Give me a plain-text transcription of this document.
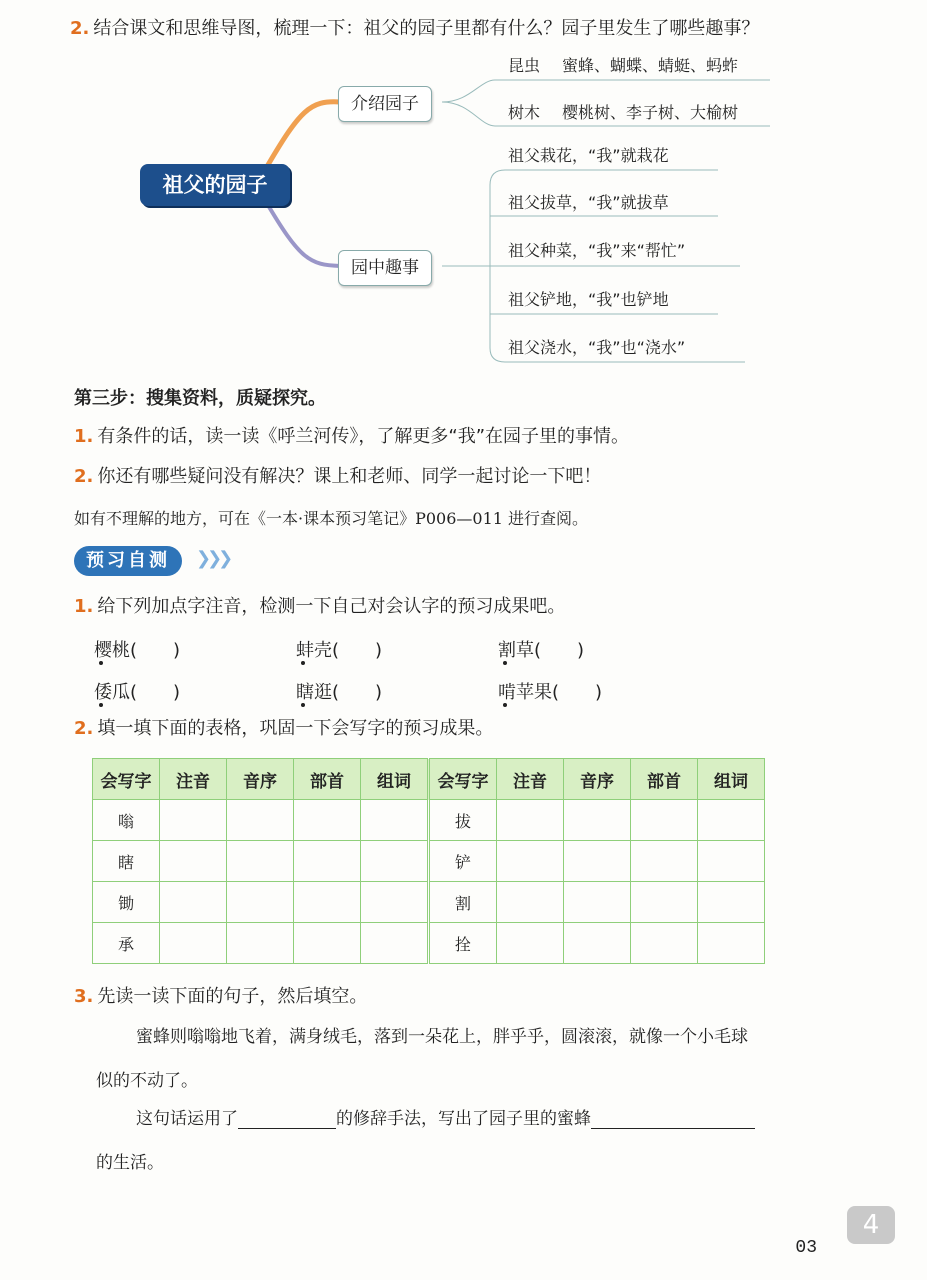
2. 结合课文和思维导图，梳理一下：祖父的园子里都有什么？园子里发生了哪些趣事？
祖父的园子
介绍园子
园中趣事
昆虫 蜜蜂、蝴蝶、蜻蜓、蚂蚱
树木 樱桃树、李子树、大榆树
祖父栽花，“我”就栽花
祖父拔草，“我”就拔草
祖父种菜，“我”来“帮忙”
祖父铲地，“我”也铲地
祖父浇水，“我”也“浇水”
第三步：搜集资料，质疑探究。
1. 有条件的话，读一读《呼兰河传》，了解更多“我”在园子里的事情。
2. 你还有哪些疑问没有解决？课上和老师、同学一起讨论一下吧！
如有不理解的地方，可在《一本·课本预习笔记》P006—011 进行查阅。
预习自测	❯❯❯
1. 给下列加点字注音，检测一下自己对会认字的预习成果吧。
樱桃(　　)	蚌壳(　　)	割草(　　)
倭瓜(　　)	瞎逛(　　)	啃苹果(　　)
2. 填一填下面的表格，巩固一下会写字的预习成果。
会写字	注音	音序	部首	组词	会写字	注音	音序	部首	组词
嗡					拔				
瞎					铲				
锄					割				
承					拴				
3. 先读一读下面的句子，然后填空。
蜜蜂则嗡嗡地飞着，满身绒毛，落到一朵花上，胖乎乎，圆滚滚，就像一个小毛球
似的不动了。
这句话运用了	的修辞手法，写出了园子里的蜜蜂
的生活。
4
03
